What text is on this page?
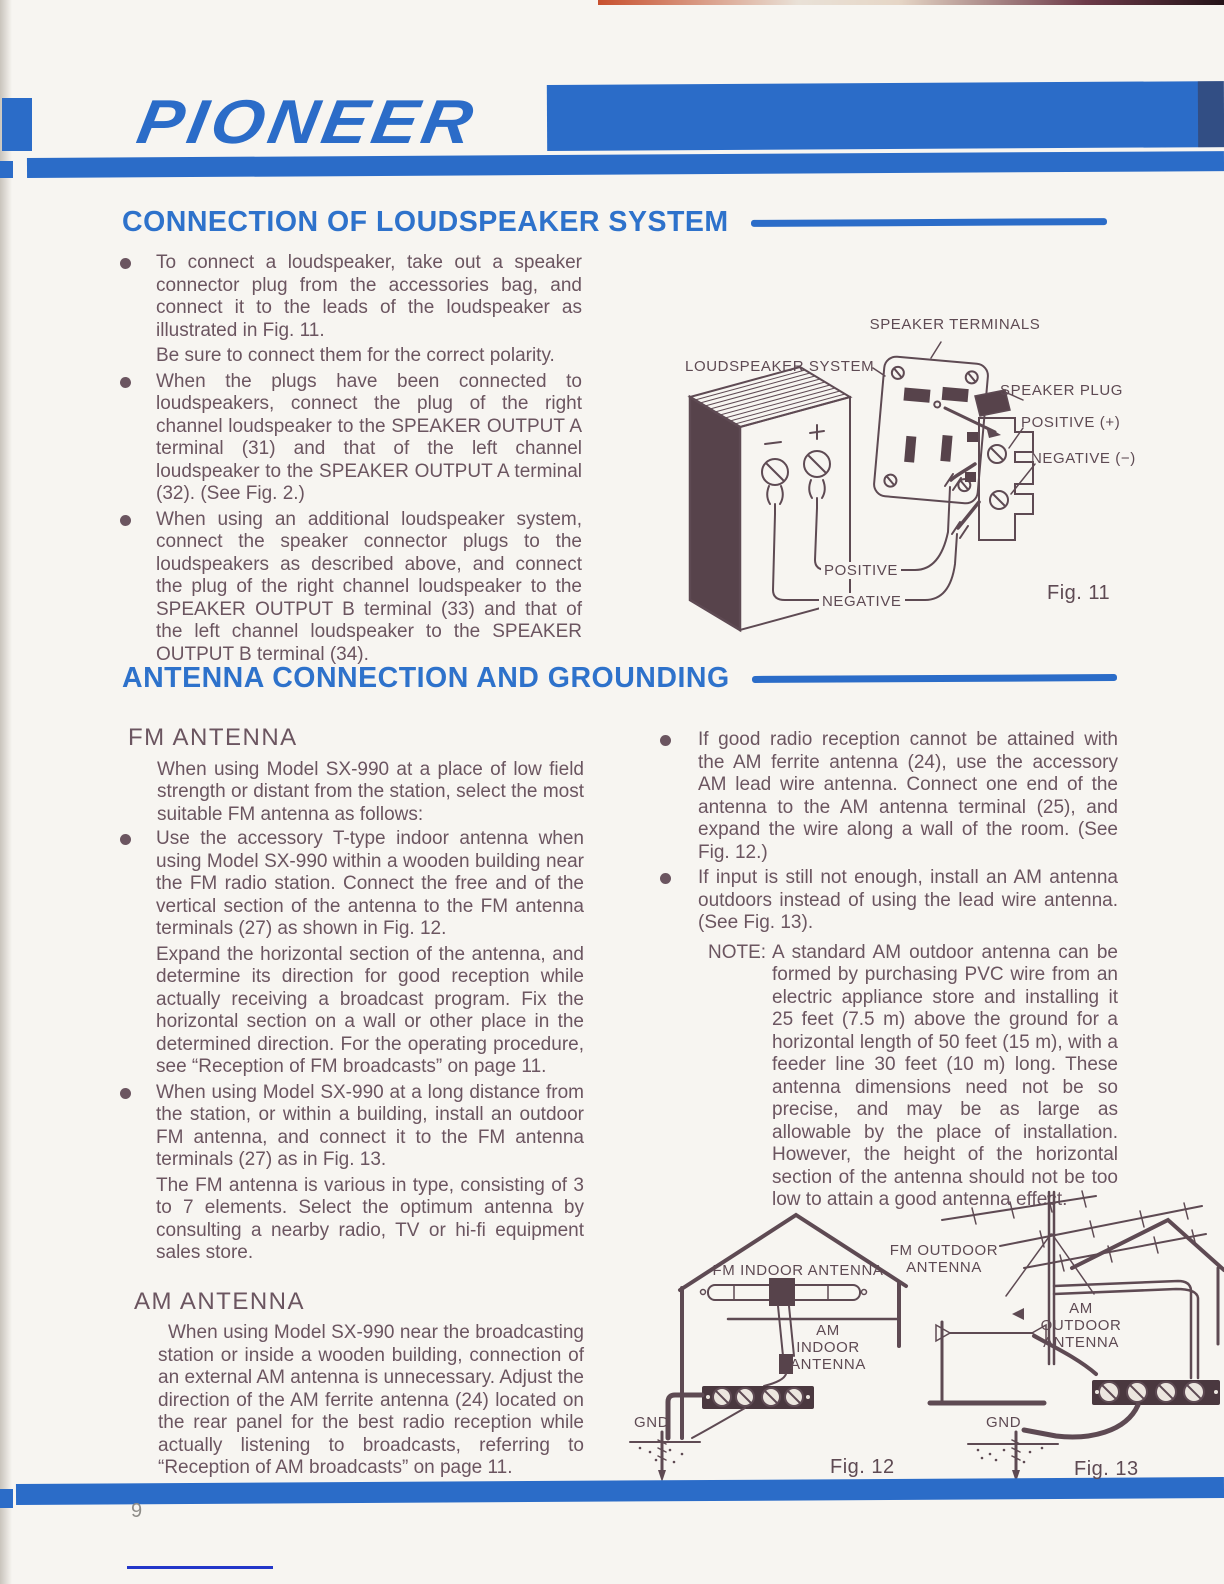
PIONEER
CONNECTION OF LOUDSPEAKER SYSTEM

To connect a loudspeaker, take out a speaker connector plug from the accessories bag, and connect it to the leads of the loudspeaker as illustrated in Fig. 11.

Be sure to connect them for the correct polarity.

When the plugs have been connected to loudspeakers, connect the plug of the right channel loudspeaker to the SPEAKER OUTPUT A terminal (31) and that of the left channel loudspeaker to the SPEAKER OUTPUT A terminal (32). (See Fig. 2.)

When using an additional loudspeaker system, connect the speaker connector plugs to the loudspeakers as described above, and connect the plug of the right channel loudspeaker to the SPEAKER OUTPUT B terminal (33) and that of the left channel loudspeaker to the SPEAKER OUTPUT B terminal (34).

SPEAKER TERMINALS
LOUDSPEAKER SYSTEM
SPEAKER PLUG
POSITIVE (+)
NEGATIVE (−)
POSITIVE
NEGATIVE	Fig. 11
ANTENNA CONNECTION AND GROUNDING
FM ANTENNA

When using Model SX-990 at a place of low field strength or distant from the station, select the most suitable FM antenna as follows:

Use the accessory T-type indoor antenna when using Model SX-990 within a wooden building near the FM radio station. Connect the free and of the vertical section of the antenna to the FM antenna terminals (27) as shown in Fig. 12.

Expand the horizontal section of the antenna, and determine its direction for good reception while actually receiving a broadcast program. Fix the horizontal section on a wall or other place in the determined direction. For the operating procedure, see “Reception of FM broadcasts” on page 11.

When using Model SX-990 at a long distance from the station, or within a building, install an outdoor FM antenna, and connect it to the FM antenna terminals (27) as in Fig. 13.

The FM antenna is various in type, consisting of 3 to 7 elements. Select the optimum antenna by consulting a nearby radio, TV or hi-fi equipment sales store.

AM ANTENNA

When using Model SX-990 near the broadcasting station or inside a wooden building, connection of an external AM antenna is unnecessary. Adjust the direction of the AM ferrite antenna (24) located on the rear panel for the best radio reception while actually listening to broadcasts, referring to “Reception of AM broadcasts” on page 11.

If good radio reception cannot be attained with the AM ferrite antenna (24), use the accessory AM lead wire antenna. Connect one end of the antenna to the AM antenna terminal (25), and expand the wire along a wall of the room. (See Fig. 12.)

If input is still not enough, install an AM antenna outdoors instead of using the lead wire antenna. (See Fig. 13).

NOTE: A standard AM outdoor antenna can be formed by purchasing PVC wire from an electric appliance store and installing it 25 feet (7.5 m) above the ground for a horizontal length of 50 feet (15 m), with a feeder line 30 feet (10 m) long. These antenna dimensions need not be so precise, and may be as large as allowable by the place of installation. However, the height of the horizontal section of the antenna should not be too low to attain a good antenna effect.

FM INDOOR ANTENNA
AM INDOOR ANTENNA
GND
Fig. 12
FM OUTDOOR ANTENNA
AM OUTDOOR ANTENNA
GND
Fig. 13
9
